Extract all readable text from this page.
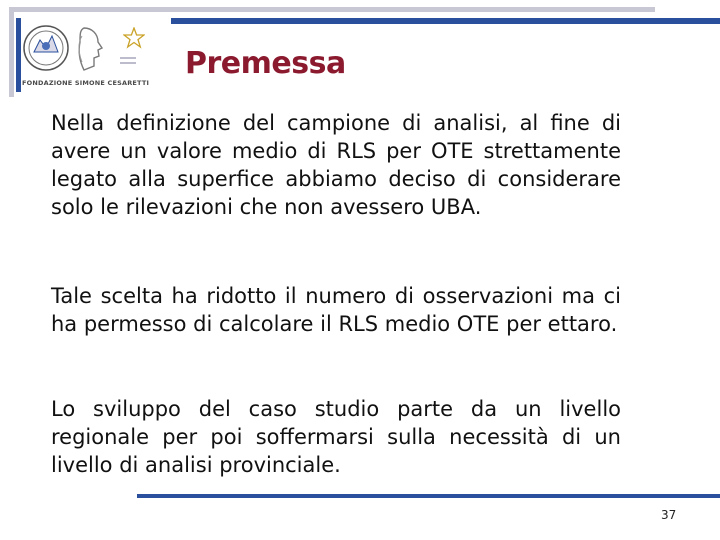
FONDAZIONE SIMONE CESARETTI
Premessa

Nella definizione del campione di analisi, al fine di avere un valore medio di RLS per OTE strettamente legato alla superfice abbiamo deciso di considerare solo le rilevazioni che non avessero UBA.

Tale scelta ha ridotto il numero di osservazioni ma ci ha permesso di calcolare il RLS medio OTE per ettaro.

Lo sviluppo del caso studio parte da un livello regionale per poi soffermarsi sulla necessità di un livello di analisi provinciale.

37
